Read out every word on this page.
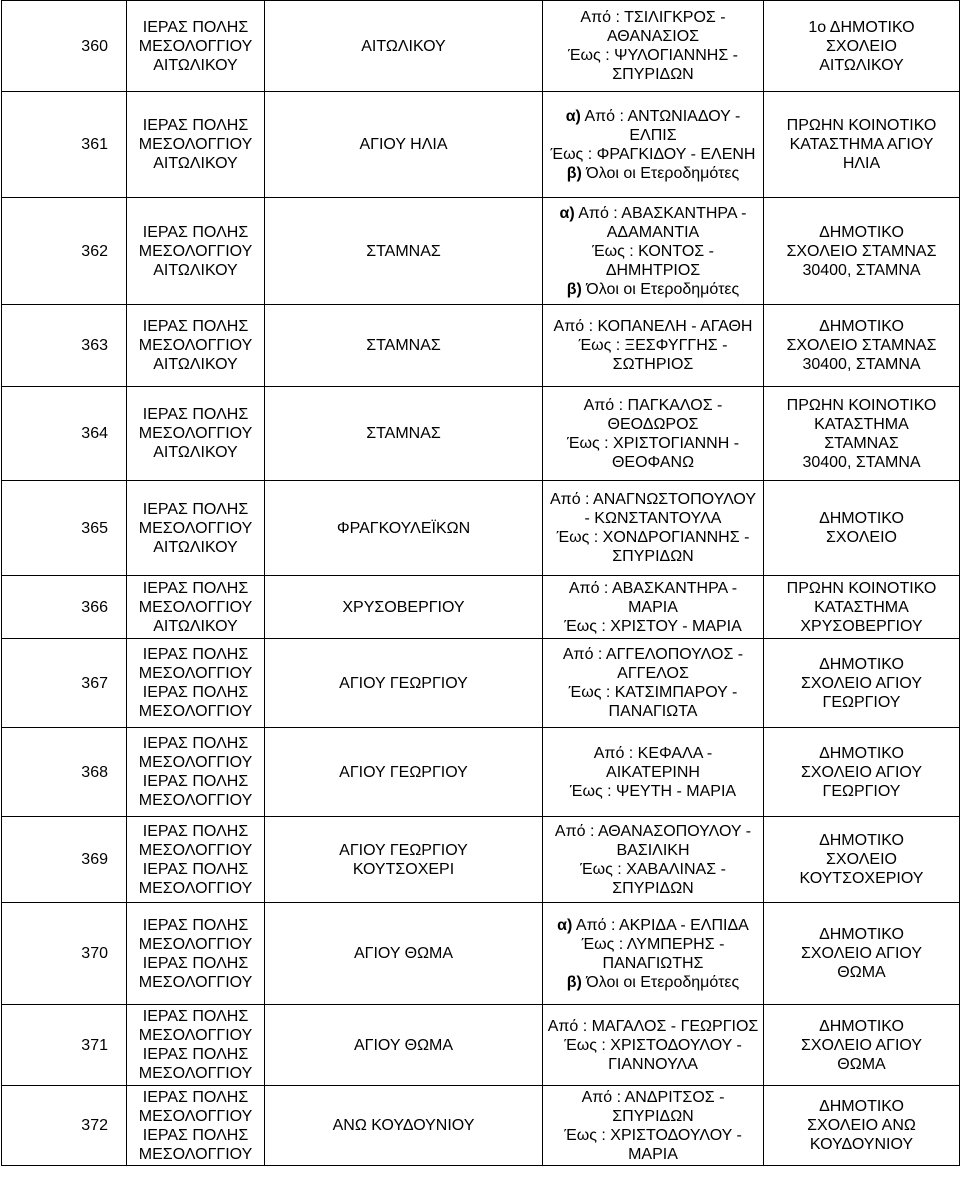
360	ΙΕΡΑΣ ΠΟΛΗΣ
ΜΕΣΟΛΟΓΓΙΟΥ
ΑΙΤΩΛΙΚΟΥ	ΑΙΤΩΛΙΚΟΥ	Από : ΤΣΙΛΙΓΚΡΟΣ -
ΑΘΑΝΑΣΙΟΣ
Έως : ΨΥΛΟΓΙΑΝΝΗΣ -
ΣΠΥΡΙΔΩΝ	1ο ΔΗΜΟΤΙΚΟ
ΣΧΟΛΕΙΟ
ΑΙΤΩΛΙΚΟΥ

361	ΙΕΡΑΣ ΠΟΛΗΣ
ΜΕΣΟΛΟΓΓΙΟΥ
ΑΙΤΩΛΙΚΟΥ	ΑΓΙΟΥ ΗΛΙΑ	α) Από : ΑΝΤΩΝΙΑΔΟΥ -
ΕΛΠΙΣ
Έως : ΦΡΑΓΚΙΔΟΥ - ΕΛΕΝΗ
β) Όλοι οι Ετεροδημότες	ΠΡΩΗΝ ΚΟΙΝΟΤΙΚΟ
ΚΑΤΑΣΤΗΜΑ ΑΓΙΟΥ
ΗΛΙΑ

362	ΙΕΡΑΣ ΠΟΛΗΣ
ΜΕΣΟΛΟΓΓΙΟΥ
ΑΙΤΩΛΙΚΟΥ	ΣΤΑΜΝΑΣ	α) Από : ΑΒΑΣΚΑΝΤΗΡΑ -
ΑΔΑΜΑΝΤΙΑ
Έως : ΚΟΝΤΟΣ -
ΔΗΜΗΤΡΙΟΣ
β) Όλοι οι Ετεροδημότες	ΔΗΜΟΤΙΚΟ
ΣΧΟΛΕΙΟ ΣΤΑΜΝΑΣ
30400, ΣΤΑΜΝΑ

363	ΙΕΡΑΣ ΠΟΛΗΣ
ΜΕΣΟΛΟΓΓΙΟΥ
ΑΙΤΩΛΙΚΟΥ	ΣΤΑΜΝΑΣ	Από : ΚΟΠΑΝΕΛΗ - ΑΓΑΘΗ
Έως : ΞΕΣΦΥΓΓΗΣ -
ΣΩΤΗΡΙΟΣ	ΔΗΜΟΤΙΚΟ
ΣΧΟΛΕΙΟ ΣΤΑΜΝΑΣ
30400, ΣΤΑΜΝΑ

364	ΙΕΡΑΣ ΠΟΛΗΣ
ΜΕΣΟΛΟΓΓΙΟΥ
ΑΙΤΩΛΙΚΟΥ	ΣΤΑΜΝΑΣ	Από : ΠΑΓΚΑΛΟΣ -
ΘΕΟΔΩΡΟΣ
Έως : ΧΡΙΣΤΟΓΙΑΝΝΗ -
ΘΕΟΦΑΝΩ	ΠΡΩΗΝ ΚΟΙΝΟΤΙΚΟ
ΚΑΤΑΣΤΗΜΑ
ΣΤΑΜΝΑΣ
30400, ΣΤΑΜΝΑ

365	ΙΕΡΑΣ ΠΟΛΗΣ
ΜΕΣΟΛΟΓΓΙΟΥ
ΑΙΤΩΛΙΚΟΥ	ΦΡΑΓΚΟΥΛΕΪΚΩΝ	Από : ΑΝΑΓΝΩΣΤΟΠΟΥΛΟΥ
- ΚΩΝΣΤΑΝΤΟΥΛΑ
Έως : ΧΟΝΔΡΟΓΙΑΝΝΗΣ -
ΣΠΥΡΙΔΩΝ	ΔΗΜΟΤΙΚΟ
ΣΧΟΛΕΙΟ

366	ΙΕΡΑΣ ΠΟΛΗΣ
ΜΕΣΟΛΟΓΓΙΟΥ
ΑΙΤΩΛΙΚΟΥ	ΧΡΥΣΟΒΕΡΓΙΟΥ	Από : ΑΒΑΣΚΑΝΤΗΡΑ -
ΜΑΡΙΑ
Έως : ΧΡΙΣΤΟΥ - ΜΑΡΙΑ	ΠΡΩΗΝ ΚΟΙΝΟΤΙΚΟ
ΚΑΤΑΣΤΗΜΑ
ΧΡΥΣΟΒΕΡΓΙΟΥ

367	ΙΕΡΑΣ ΠΟΛΗΣ
ΜΕΣΟΛΟΓΓΙΟΥ
ΙΕΡΑΣ ΠΟΛΗΣ
ΜΕΣΟΛΟΓΓΙΟΥ	ΑΓΙΟΥ ΓΕΩΡΓΙΟΥ	Από : ΑΓΓΕΛΟΠΟΥΛΟΣ -
ΑΓΓΕΛΟΣ
Έως : ΚΑΤΣΙΜΠΑΡΟΥ -
ΠΑΝΑΓΙΩΤΑ	ΔΗΜΟΤΙΚΟ
ΣΧΟΛΕΙΟ ΑΓΙΟΥ
ΓΕΩΡΓΙΟΥ

368	ΙΕΡΑΣ ΠΟΛΗΣ
ΜΕΣΟΛΟΓΓΙΟΥ
ΙΕΡΑΣ ΠΟΛΗΣ
ΜΕΣΟΛΟΓΓΙΟΥ	ΑΓΙΟΥ ΓΕΩΡΓΙΟΥ	Από : ΚΕΦΑΛΑ -
ΑΙΚΑΤΕΡΙΝΗ
Έως : ΨΕΥΤΗ - ΜΑΡΙΑ	ΔΗΜΟΤΙΚΟ
ΣΧΟΛΕΙΟ ΑΓΙΟΥ
ΓΕΩΡΓΙΟΥ

369	ΙΕΡΑΣ ΠΟΛΗΣ
ΜΕΣΟΛΟΓΓΙΟΥ
ΙΕΡΑΣ ΠΟΛΗΣ
ΜΕΣΟΛΟΓΓΙΟΥ	ΑΓΙΟΥ ΓΕΩΡΓΙΟΥ
ΚΟΥΤΣΟΧΕΡΙ	Από : ΑΘΑΝΑΣΟΠΟΥΛΟΥ -
ΒΑΣΙΛΙΚΗ
Έως : ΧΑΒΑΛΙΝΑΣ -
ΣΠΥΡΙΔΩΝ	ΔΗΜΟΤΙΚΟ
ΣΧΟΛΕΙΟ
ΚΟΥΤΣΟΧΕΡΙΟΥ

370	ΙΕΡΑΣ ΠΟΛΗΣ
ΜΕΣΟΛΟΓΓΙΟΥ
ΙΕΡΑΣ ΠΟΛΗΣ
ΜΕΣΟΛΟΓΓΙΟΥ	ΑΓΙΟΥ ΘΩΜΑ	α) Από : ΑΚΡΙΔΑ - ΕΛΠΙΔΑ
Έως : ΛΥΜΠΕΡΗΣ -
ΠΑΝΑΓΙΩΤΗΣ
β) Όλοι οι Ετεροδημότες	ΔΗΜΟΤΙΚΟ
ΣΧΟΛΕΙΟ ΑΓΙΟΥ
ΘΩΜΑ

371	ΙΕΡΑΣ ΠΟΛΗΣ
ΜΕΣΟΛΟΓΓΙΟΥ
ΙΕΡΑΣ ΠΟΛΗΣ
ΜΕΣΟΛΟΓΓΙΟΥ	ΑΓΙΟΥ ΘΩΜΑ	Από : ΜΑΓΑΛΟΣ - ΓΕΩΡΓΙΟΣ
Έως : ΧΡΙΣΤΟΔΟΥΛΟΥ -
ΓΙΑΝΝΟΥΛΑ	ΔΗΜΟΤΙΚΟ
ΣΧΟΛΕΙΟ ΑΓΙΟΥ
ΘΩΜΑ

372	ΙΕΡΑΣ ΠΟΛΗΣ
ΜΕΣΟΛΟΓΓΙΟΥ
ΙΕΡΑΣ ΠΟΛΗΣ
ΜΕΣΟΛΟΓΓΙΟΥ	ΑΝΩ ΚΟΥΔΟΥΝΙΟΥ	Από : ΑΝΔΡΙΤΣΟΣ -
ΣΠΥΡΙΔΩΝ
Έως : ΧΡΙΣΤΟΔΟΥΛΟΥ -
ΜΑΡΙΑ	ΔΗΜΟΤΙΚΟ
ΣΧΟΛΕΙΟ ΑΝΩ
ΚΟΥΔΟΥΝΙΟΥ
